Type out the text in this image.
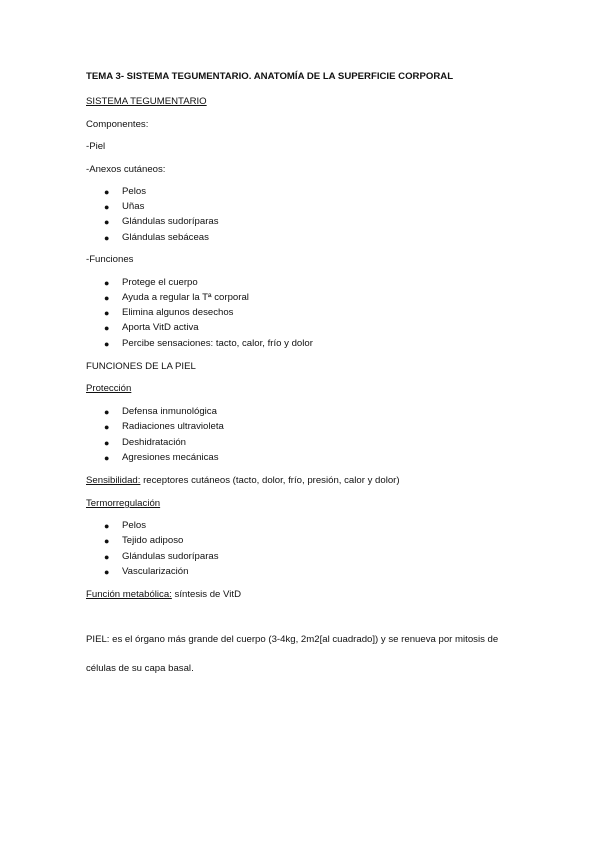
TEMA 3- SISTEMA TEGUMENTARIO. ANATOMÍA DE LA SUPERFICIE CORPORAL
SISTEMA TEGUMENTARIO
Componentes:
-Piel
-Anexos cutáneos:
● Pelos
● Uñas
● Glándulas sudoríparas
● Glándulas sebáceas
-Funciones
● Protege el cuerpo
● Ayuda a regular la Tª corporal
● Elimina algunos desechos
● Aporta VitD activa
● Percibe sensaciones: tacto, calor, frío y dolor
FUNCIONES DE LA PIEL
Protección
● Defensa inmunológica
● Radiaciones ultravioleta
● Deshidratación
● Agresiones mecánicas
Sensibilidad: receptores cutáneos (tacto, dolor, frío, presión, calor y dolor)
Termorregulación
● Pelos
● Tejido adiposo
● Glándulas sudoríparas
● Vascularización
Función metabólica: síntesis de VitD
PIEL: es el órgano más grande del cuerpo (3-4kg, 2m2[al cuadrado]) y se renueva por mitosis de
células de su capa basal.
